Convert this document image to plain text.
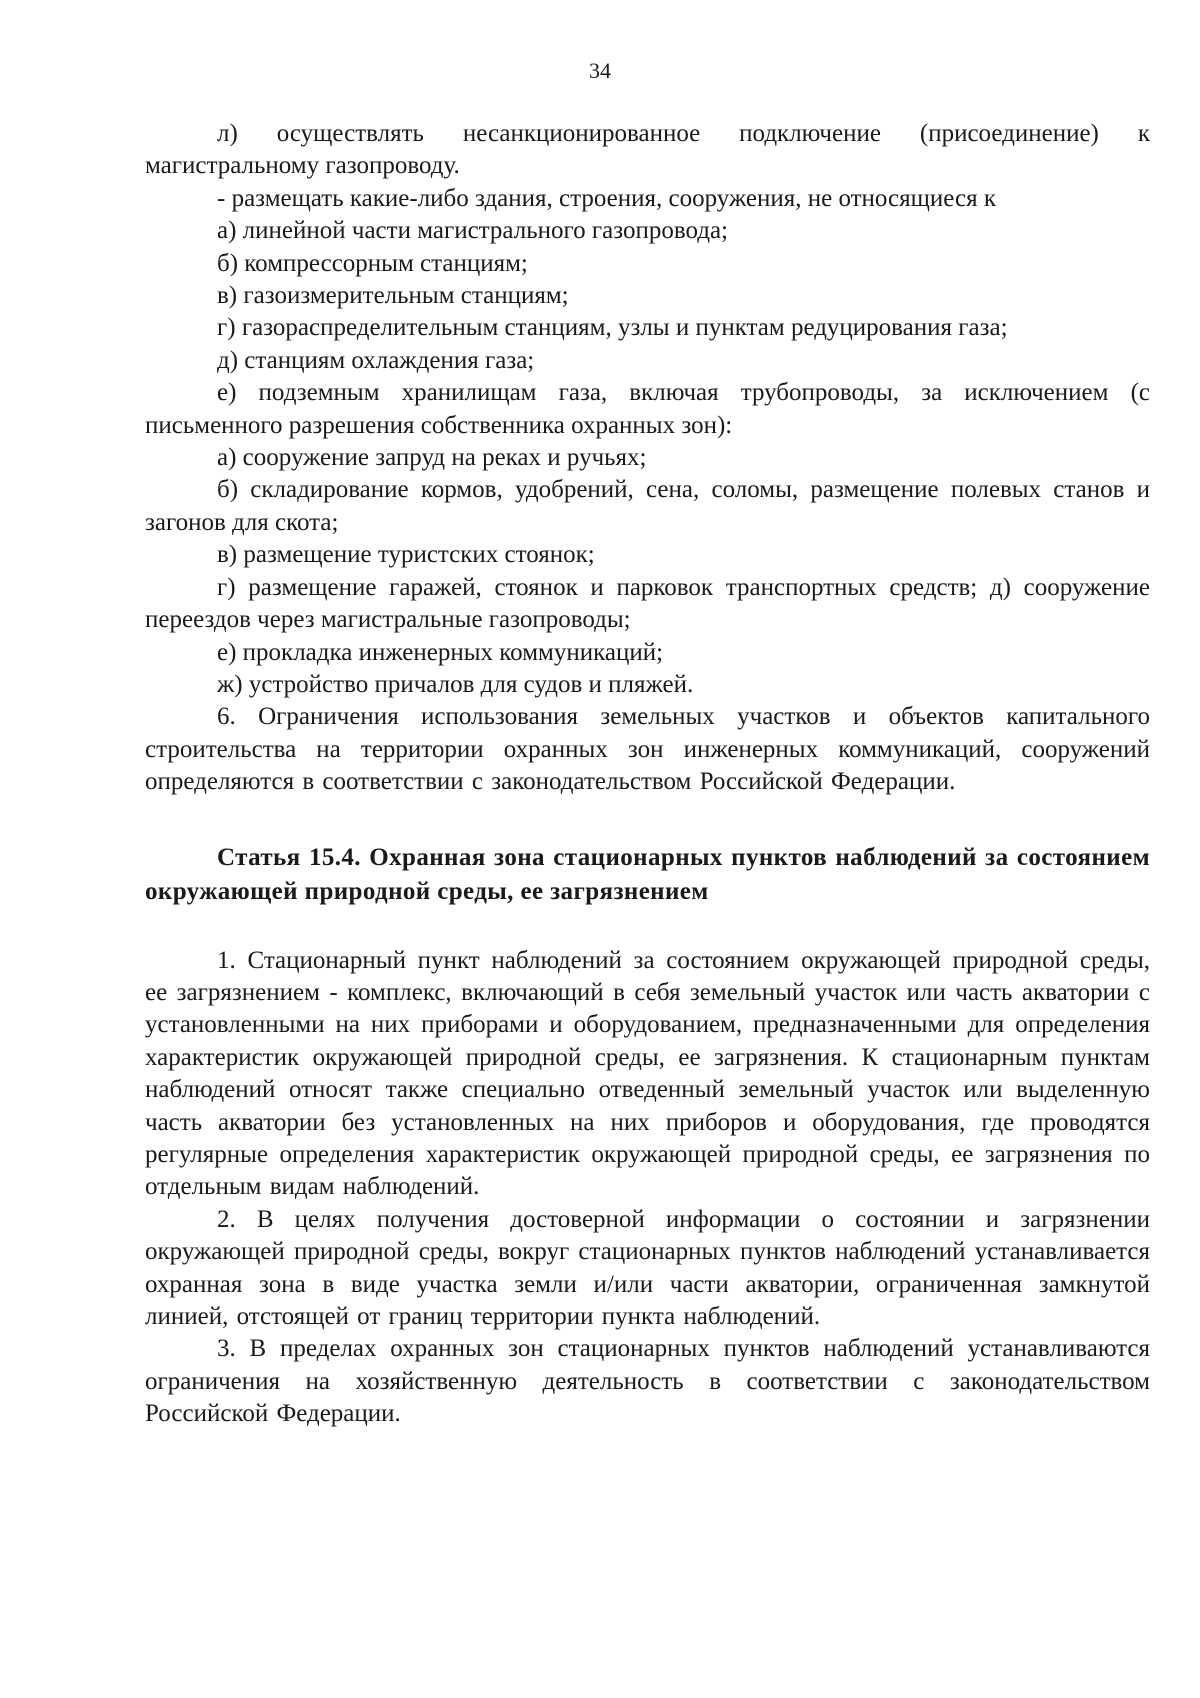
34

л) осуществлять несанкционированное подключение (присоединение) к магистральному газопроводу.

- размещать какие-либо здания, строения, сооружения, не относящиеся к

а) линейной части магистрального газопровода;

б) компрессорным станциям;

в) газоизмерительным станциям;

г) газораспределительным станциям, узлы и пунктам редуцирования газа;

д) станциям охлаждения газа;

е) подземным хранилищам газа, включая трубопроводы, за исключением (с письменного разрешения собственника охранных зон):

а) сооружение запруд на реках и ручьях;

б) складирование кормов, удобрений, сена, соломы, размещение полевых станов и загонов для скота;

в) размещение туристских стоянок;

г) размещение гаражей, стоянок и парковок транспортных средств; д) сооружение переездов через магистральные газопроводы;

е) прокладка инженерных коммуникаций;

ж) устройство причалов для судов и пляжей.

6. Ограничения использования земельных участков и объектов капитального строительства на территории охранных зон инженерных коммуникаций, сооружений определяются в соответствии с законодательством Российской Федерации.

Статья 15.4. Охранная зона стационарных пунктов наблюдений за состоянием окружающей природной среды, ее загрязнением

1. Стационарный пункт наблюдений за состоянием окружающей природной среды, ее загрязнением - комплекс, включающий в себя земельный участок или часть акватории с установленными на них приборами и оборудованием, предназначенными для определения характеристик окружающей природной среды, ее загрязнения. К стационарным пунктам наблюдений относят также специально отведенный земельный участок или выделенную часть акватории без установленных на них приборов и оборудования, где проводятся регулярные определения характеристик окружающей природной среды, ее загрязнения по отдельным видам наблюдений.

2. В целях получения достоверной информации о состоянии и загрязнении окружающей природной среды, вокруг стационарных пунктов наблюдений устанавливается охранная зона в виде участка земли и/или части акватории, ограниченная замкнутой линией, отстоящей от границ территории пункта наблюдений.

3. В пределах охранных зон стационарных пунктов наблюдений устанавливаются ограничения на хозяйственную деятельность в соответствии с законодательством Российской Федерации.
